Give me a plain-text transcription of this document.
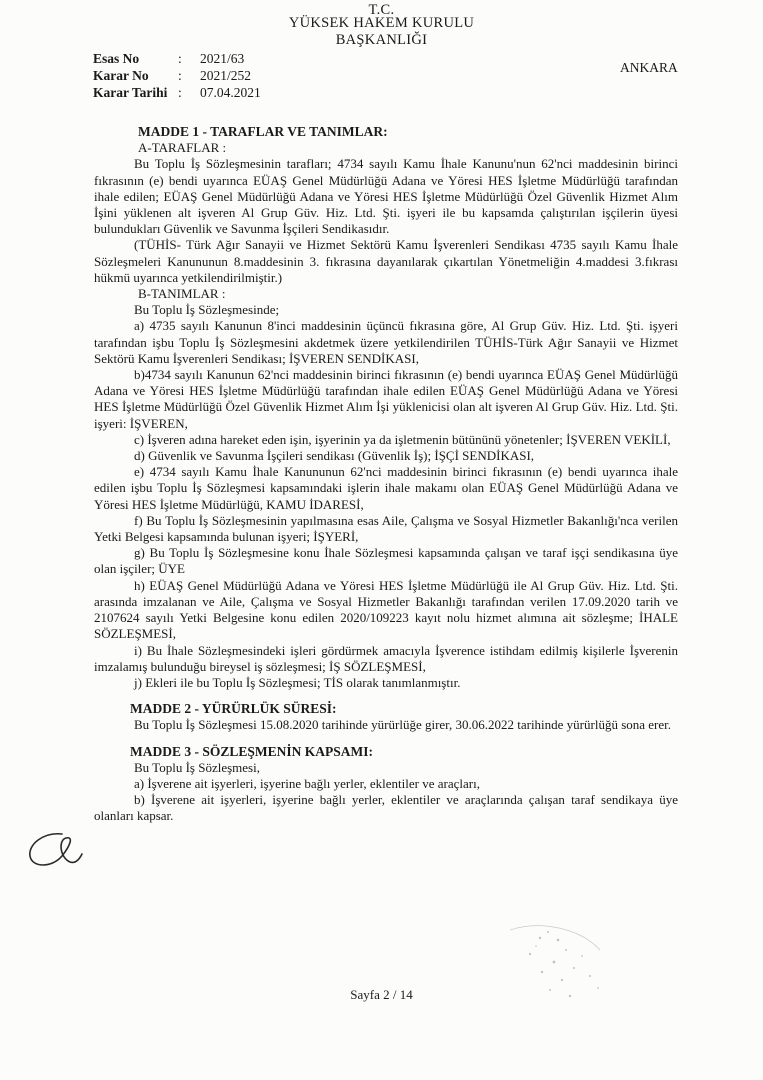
T.C.
YÜKSEK HAKEM KURULU
BAŞKANLIĞI
Esas No	: 2021/63
Karar No : 2021/252
Karar Tarihi : 07.04.2021
ANKARA

MADDE 1 - TARAFLAR VE TANIMLAR:

A-TARAFLAR :

Bu Toplu İş Sözleşmesinin tarafları; 4734 sayılı Kamu İhale Kanunu'nun 62'nci maddesinin birinci fıkrasının (e) bendi uyarınca EÜAŞ Genel Müdürlüğü Adana ve Yöresi HES İşletme Müdürlüğü tarafından ihale edilen; EÜAŞ Genel Müdürlüğü Adana ve Yöresi HES İşletme Müdürlüğü Özel Güvenlik Hizmet Alım İşini yüklenen alt işveren Al Grup Güv. Hiz. Ltd. Şti. işyeri ile bu kapsamda çalıştırılan işçilerin üyesi bulundukları Güvenlik ve Savunma İşçileri Sendikasıdır.

(TÜHİS- Türk Ağır Sanayii ve Hizmet Sektörü Kamu İşverenleri Sendikası 4735 sayılı Kamu İhale Sözleşmeleri Kanununun 8.maddesinin 3. fıkrasına dayanılarak çıkartılan Yönetmeliğin 4.maddesi 3.fıkrası hükmü uyarınca yetkilendirilmiştir.)

B-TANIMLAR :

Bu Toplu İş Sözleşmesinde;

a) 4735 sayılı Kanunun 8'inci maddesinin üçüncü fıkrasına göre, Al Grup Güv. Hiz. Ltd. Şti. işyeri tarafından işbu Toplu İş Sözleşmesini akdetmek üzere yetkilendirilen TÜHİS-Türk Ağır Sanayii ve Hizmet Sektörü Kamu İşverenleri Sendikası; İŞVEREN SENDİKASI,

b)4734 sayılı Kanunun 62'nci maddesinin birinci fıkrasının (e) bendi uyarınca EÜAŞ Genel Müdürlüğü Adana ve Yöresi HES İşletme Müdürlüğü tarafından ihale edilen EÜAŞ Genel Müdürlüğü Adana ve Yöresi HES İşletme Müdürlüğü Özel Güvenlik Hizmet Alım İşi yüklenicisi olan alt işveren Al Grup Güv. Hiz. Ltd. Şti. işyeri: İŞVEREN,

c) İşveren adına hareket eden işin, işyerinin ya da işletmenin bütününü yönetenler; İŞVEREN VEKİLİ,

d) Güvenlik ve Savunma İşçileri sendikası (Güvenlik İş); İŞÇİ SENDİKASI,

e) 4734 sayılı Kamu İhale Kanununun 62'nci maddesinin birinci fıkrasının (e) bendi uyarınca ihale edilen işbu Toplu İş Sözleşmesi kapsamındaki işlerin ihale makamı olan EÜAŞ Genel Müdürlüğü Adana ve Yöresi HES İşletme Müdürlüğü, KAMU İDARESİ,

f) Bu Toplu İş Sözleşmesinin yapılmasına esas Aile, Çalışma ve Sosyal Hizmetler Bakanlığı'nca verilen Yetki Belgesi kapsamında bulunan işyeri; İŞYERİ,

g) Bu Toplu İş Sözleşmesine konu İhale Sözleşmesi kapsamında çalışan ve taraf işçi sendikasına üye olan işçiler; ÜYE

h) EÜAŞ Genel Müdürlüğü Adana ve Yöresi HES İşletme Müdürlüğü ile Al Grup Güv. Hiz. Ltd. Şti. arasında imzalanan ve Aile, Çalışma ve Sosyal Hizmetler Bakanlığı tarafından verilen 17.09.2020 tarih ve 2107624 sayılı Yetki Belgesine konu edilen 2020/109223 kayıt nolu hizmet alımına ait sözleşme; İHALE SÖZLEŞMESİ,

i) Bu İhale Sözleşmesindeki işleri gördürmek amacıyla İşverence istihdam edilmiş kişilerle İşverenin imzalamış bulunduğu bireysel iş sözleşmesi; İŞ SÖZLEŞMESİ,

j) Ekleri ile bu Toplu İş Sözleşmesi; TİS olarak tanımlanmıştır.

MADDE 2 - YÜRÜRLÜK SÜRESİ:

Bu Toplu İş Sözleşmesi 15.08.2020 tarihinde yürürlüğe girer, 30.06.2022 tarihinde yürürlüğü sona erer.

MADDE 3 - SÖZLEŞMENİN KAPSAMI:

Bu Toplu İş Sözleşmesi,

a) İşverene ait işyerleri, işyerine bağlı yerler, eklentiler ve araçları,

b) İşverene ait işyerleri, işyerine bağlı yerler, eklentiler ve araçlarında çalışan taraf sendikaya üye olanları kapsar.

Sayfa 2 / 14
